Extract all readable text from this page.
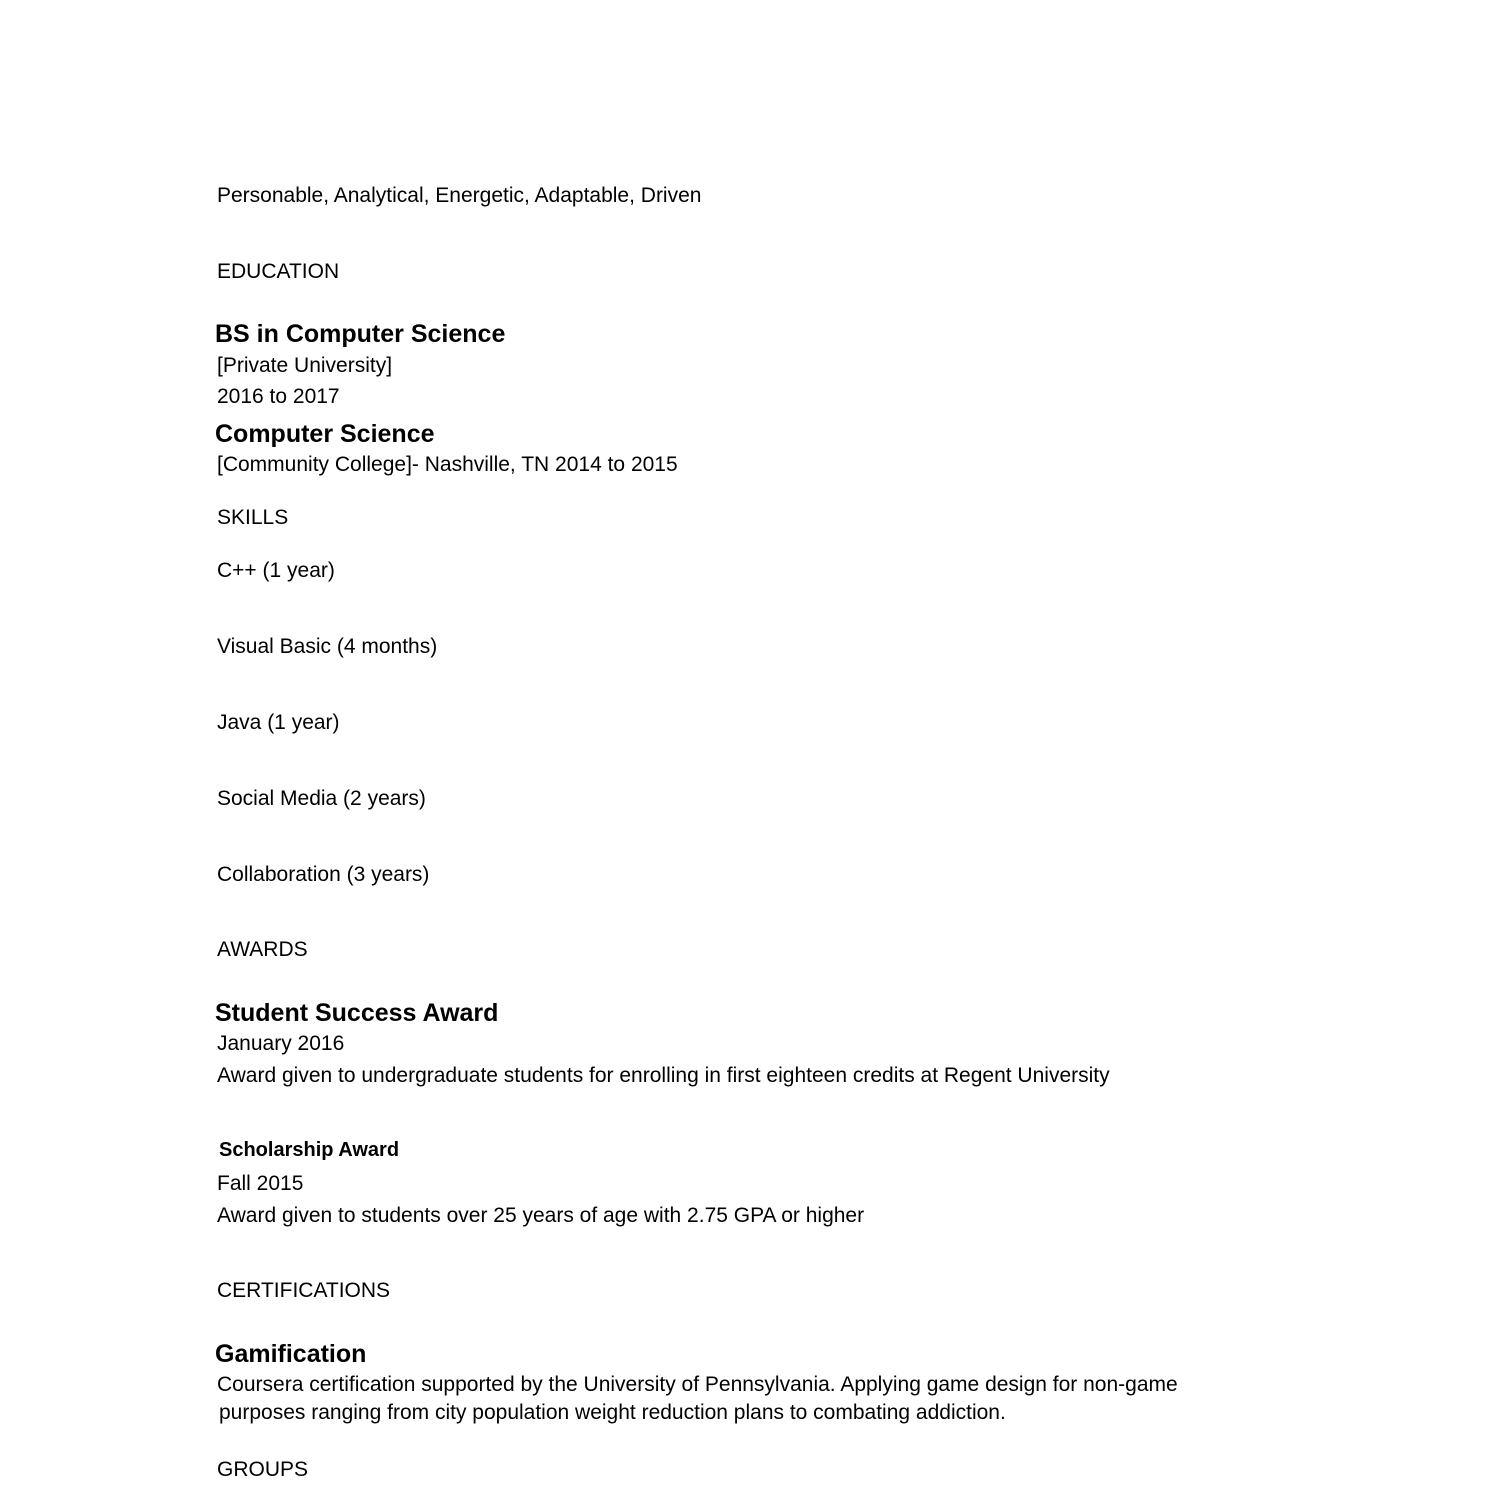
Personable, Analytical, Energetic, Adaptable, Driven
EDUCATION
BS in Computer Science
[Private University]
2016 to 2017
Computer Science
[Community College]- Nashville, TN 2014 to 2015
SKILLS
C++ (1 year)
Visual Basic (4 months)
Java (1 year)
Social Media (2 years)
Collaboration (3 years)
AWARDS
Student Success Award
January 2016
Award given to undergraduate students for enrolling in first eighteen credits at Regent University
Scholarship Award
Fall 2015
Award given to students over 25 years of age with 2.75 GPA or higher
CERTIFICATIONS
Gamification
Coursera certification supported by the University of Pennsylvania. Applying game design for non-game
purposes ranging from city population weight reduction plans to combating addiction.
GROUPS
